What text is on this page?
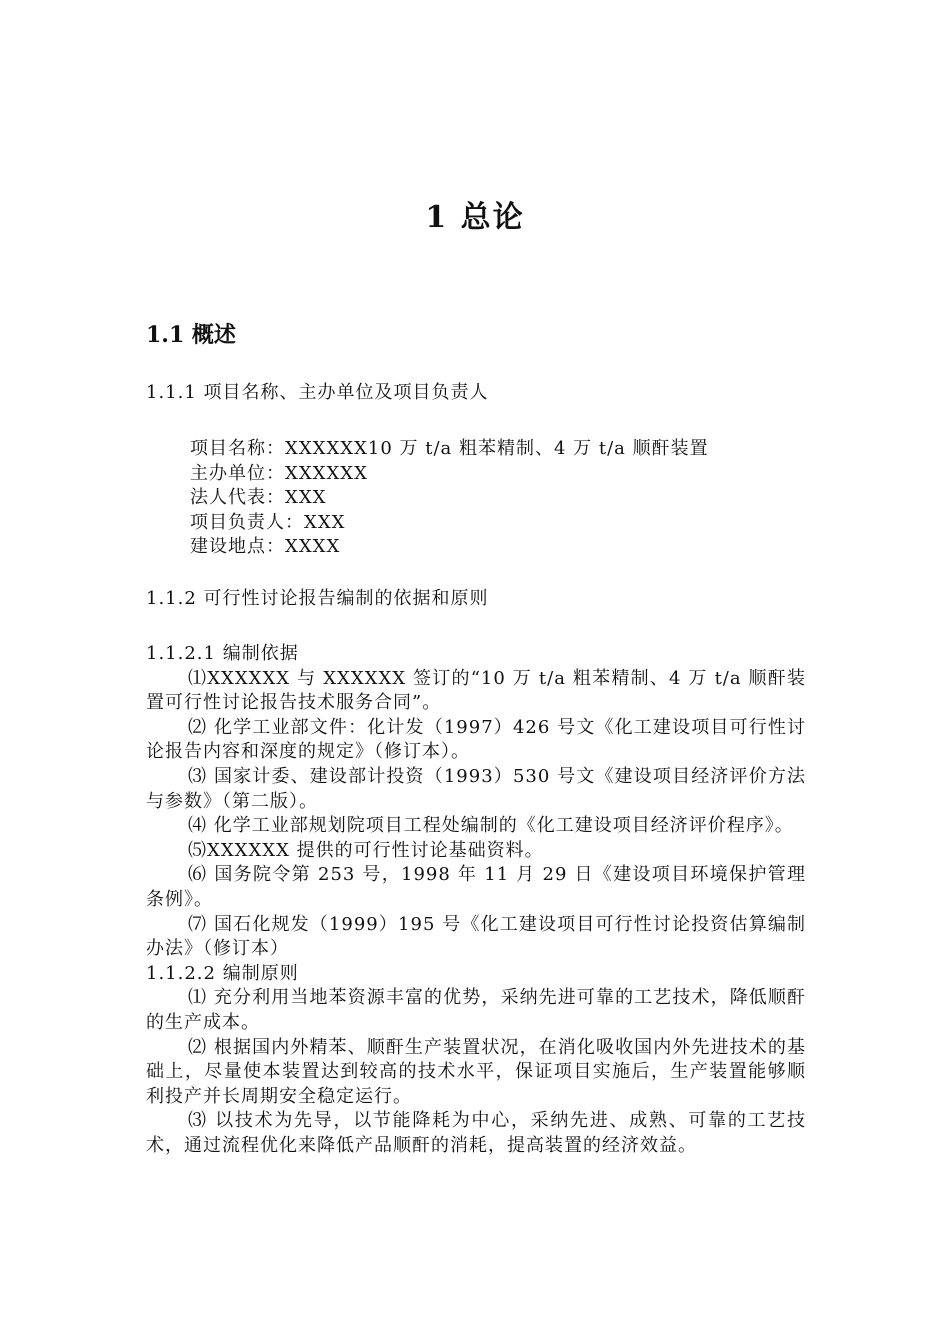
1 总论
1.1 概述
1.1.1 项目名称、主办单位及项目负责人
项目名称：XXXXXX10 万 t/a 粗苯精制、4 万 t/a 顺酐装置
主办单位：XXXXXX
法人代表：XXX
项目负责人：XXX
建设地点：XXXX
1.1.2 可行性讨论报告编制的依据和原则

1.1.2.1 编制依据

⑴XXXXXX 与 XXXXXX 签订的“10 万 t/a 粗苯精制、4 万 t/a 顺酐装置可行性讨论报告技术服务合同”。

⑵ 化学工业部文件：化计发（1997）426 号文《化工建设项目可行性讨论报告内容和深度的规定》（修订本）。

⑶ 国家计委、建设部计投资（1993）530 号文《建设项目经济评价方法与参数》（第二版）。

⑷ 化学工业部规划院项目工程处编制的《化工建设项目经济评价程序》。

⑸XXXXXX 提供的可行性讨论基础资料。

⑹ 国务院令第 253 号，1998 年 11 月 29 日《建设项目环境保护管理条例》。

⑺ 国石化规发（1999）195 号《化工建设项目可行性讨论投资估算编制办法》（修订本）

1.1.2.2 编制原则

⑴ 充分利用当地苯资源丰富的优势，采纳先进可靠的工艺技术，降低顺酐的生产成本。

⑵ 根据国内外精苯、顺酐生产装置状况，在消化吸收国内外先进技术的基础上，尽量使本装置达到较高的技术水平，保证项目实施后，生产装置能够顺利投产并长周期安全稳定运行。

⑶ 以技术为先导，以节能降耗为中心，采纳先进、成熟、可靠的工艺技术，通过流程优化来降低产品顺酐的消耗，提高装置的经济效益。
